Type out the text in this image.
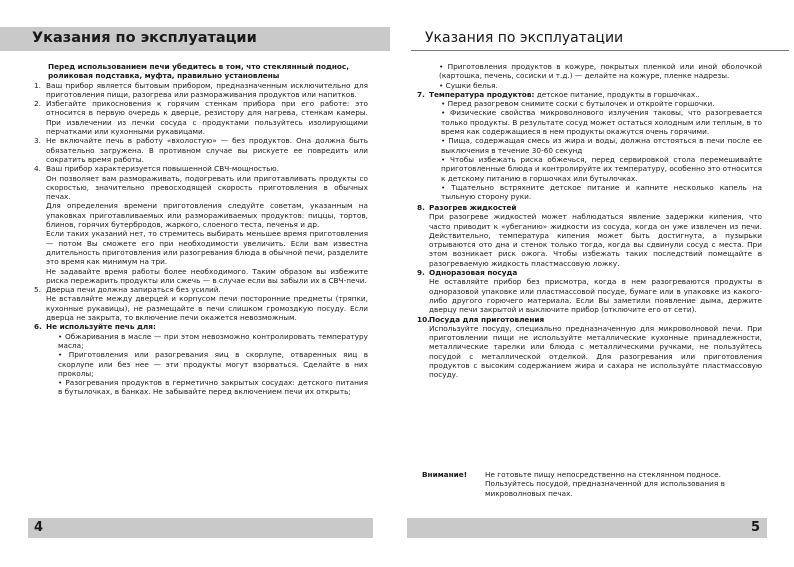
Указания по эксплуатации

Перед использованием печи убедитесь в том, что стеклянный поднос, роликовая подставка, муфта, правильно установлены

1. Ваш прибор является бытовым прибором, предназначенным исключительно для приготовления пищи, разогрева или размораживания продуктов или напитков.

2. Избегайте прикосновения к горячим стенкам прибора при его работе: это относится в первую очередь к дверце, резистору для нагрева, стенкам камеры. При извлечении из печки сосуда с продуктами пользуйтесь изолирующими перчатками или кухонными рукавицами.

3. Не включайте печь в работу «вхолостую» — без продуктов. Она должна быть обязательно загружена. В противном случае вы рискуете ее повредить или сократить время работы.

4. Ваш прибор характеризуется повышенной СВЧ-мощностью.

Он позволяет вам размораживать, подогревать или приготавливать продукты со скоростью, значительно превосходящей скорость приготовления в обычных печах.

Для определения времени приготовления следуйте советам, указанным на упаковках приготавливаемых или размораживаемых продуктов: пиццы, тортов, блинов, горячих бутербродов, жаркого, слоеного теста, печенья и др.

Если таких указаний нет, то стремитесь выбирать меньшее время приготовления — потом Вы сможете его при необходимости увеличить. Если вам известна длительность приготовления или разогревания блюда в обычной печи, разделите это время как минимум на три.

Не задавайте время работы более необходимого. Таким образом вы избежите риска пережарить продукты или сжечь — в случае если вы забыли их в СВЧ-печи.

5. Дверца печи должна запираться без усилий.

Не вставляйте между дверцей и корпусом печи посторонние предметы (тряпки, кухонные рукавицы), не размещайте в печи слишком громоздкую посуду. Если дверца не закрыта, то включение печи окажется невозможным.

6. Не используйте печь для:

• Обжаривания в масле — при этом невозможно контролировать температуру масла;

• Приготовления или разогревания яиц в скорлупе, отваренных яиц в скорлупе или без нее — эти продукты могут взорваться. Сделайте в них проколы;

• Разогревания продуктов в герметично закрытых сосудах: детского питания в бутылочках, в банках. Не забывайте перед включением печи их открыть;

4
Указания по эксплуатации

• Приготовления продуктов в кожуре, покрытых пленкой или иной оболочкой (картошка, печень, сосиски и т.д.) — делайте на кожуре, пленке надрезы.

• Сушки белья.

7. Температура продуктов: детское питание, продукты в горшочках..

• Перед разогревом снимите соски с бутылочек и откройте горшочки.

• Физические свойства микроволнового излучения таковы, что разогревается только продукты. В результате сосуд может остаться холодным или теплым, в то время как содержащиеся в нем продукты окажутся очень горячими.

• Пища, содержащая смесь из жира и воды, должна отстояться в печи после ее выключения в течение 30-60 секунд

• Чтобы избежать риска обжечься, перед сервировкой стола перемешивайте приготовленные блюда и контролируйте их температуру, особенно это относится к детскому питанию в горшочках или бутылочках.

• Тщательно встряхните детское питание и капните несколько капель на тыльную сторону руки.

8. Разогрев жидкостей

При разогреве жидкостей может наблюдаться явление задержки кипения, что часто приводит к «убеганию» жидкости из сосуда, когда он уже извлечен из печи. Действительно, температура кипения может быть достигнута, а пузырьки отрываются ото дна и стенок только тогда, когда вы сдвинули сосуд с места. При этом возникает риск ожога. Чтобы избежать таких последствий помещайте в разогреваемую жидкость пластмассовую ложку.

9. Одноразовая посуда

Не оставляйте прибор без присмотра, когда в нем разогреваются продукты в одноразовой упаковке или пластмассовой посуде, бумаге или в упаковке из какого-либо другого горючего материала. Если Вы заметили появление дыма, держите дверцу печи закрытой и выключите прибор (отключите его от сети).

10. Посуда для приготовления

Используйте посуду, специально предназначенную для микроволновой печи. При приготовлении пищи не используйте металлические кухонные принадлежности, металлические тарелки или блюда с металлическими ручками, не пользуйтесь посудой с металлической отделкой. Для разогревания или приготовления продуктов с высоким содержанием жира и сахара не используйте пластмассовую посуду.

Внимание! Не готовьте пищу непосредственно на стеклянном подносе. Пользуйтесь посудой, предназначенной для использования в микроволновых печах.
5
